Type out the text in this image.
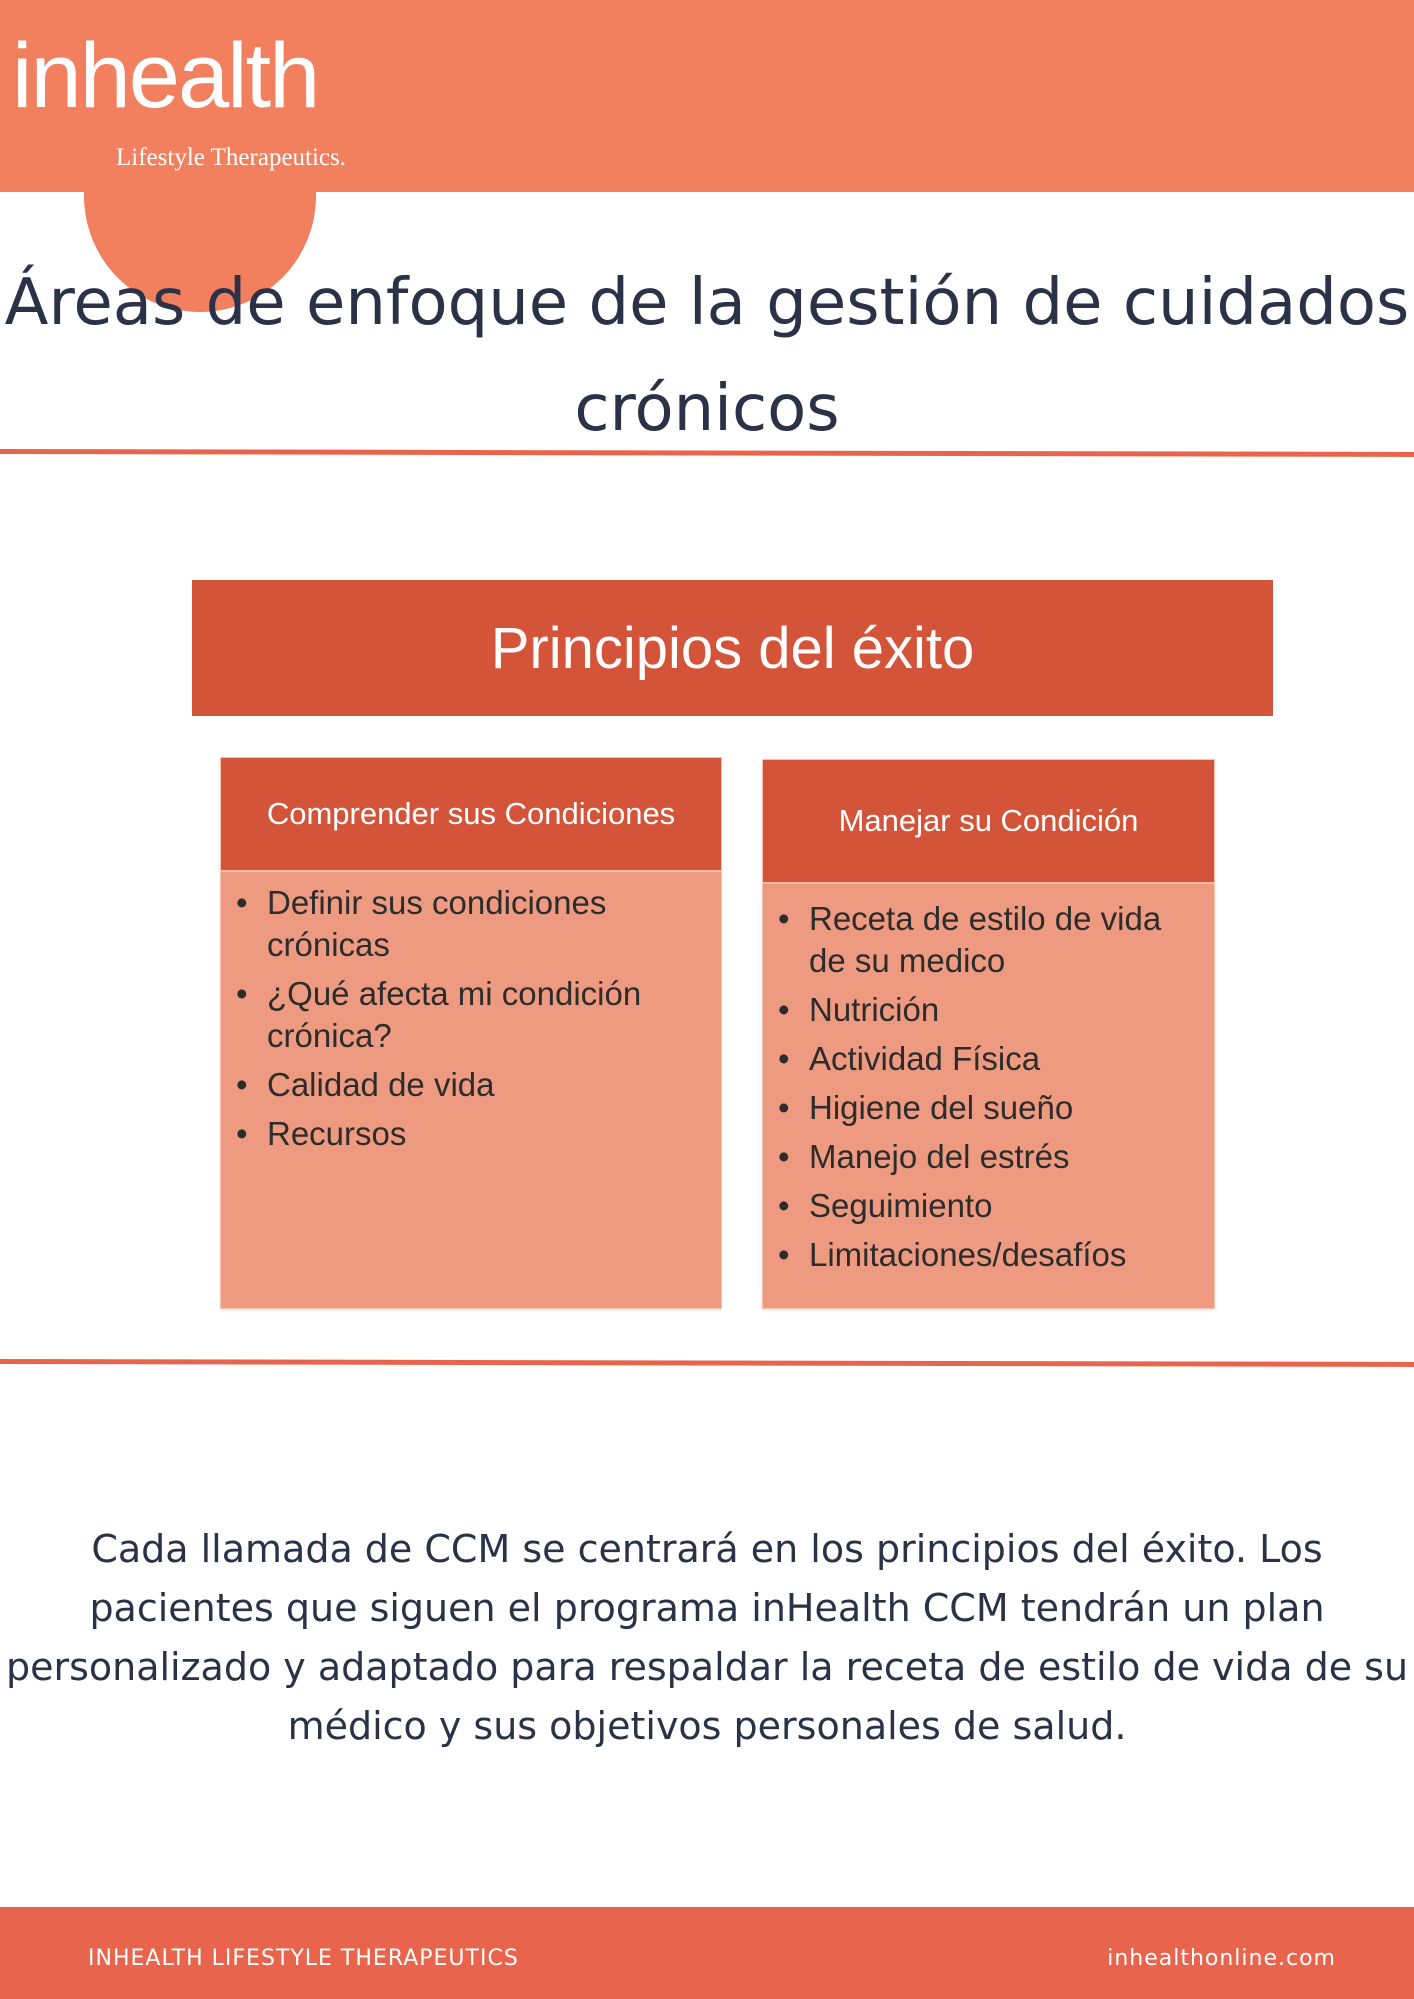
inhealth
Lifestyle Therapeutics.
Áreas de enfoque de la gestión de cuidados crónicos
Principios del éxito
Comprender sus Condiciones
• Definir sus condiciones crónicas
• ¿Qué afecta mi condición crónica?
• Calidad de vida
• Recursos
Manejar su Condición
• Receta de estilo de vida de su medico
• Nutrición
• Actividad Física
• Higiene del sueño
• Manejo del estrés
• Seguimiento
• Limitaciones/desafíos

Cada llamada de CCM se centrará en los principios del éxito. Los pacientes que siguen el programa inHealth CCM tendrán un plan personalizado y adaptado para respaldar la receta de estilo de vida de su médico y sus objetivos personales de salud.

INHEALTH LIFESTYLE THERAPEUTICS	inhealthonline.com
